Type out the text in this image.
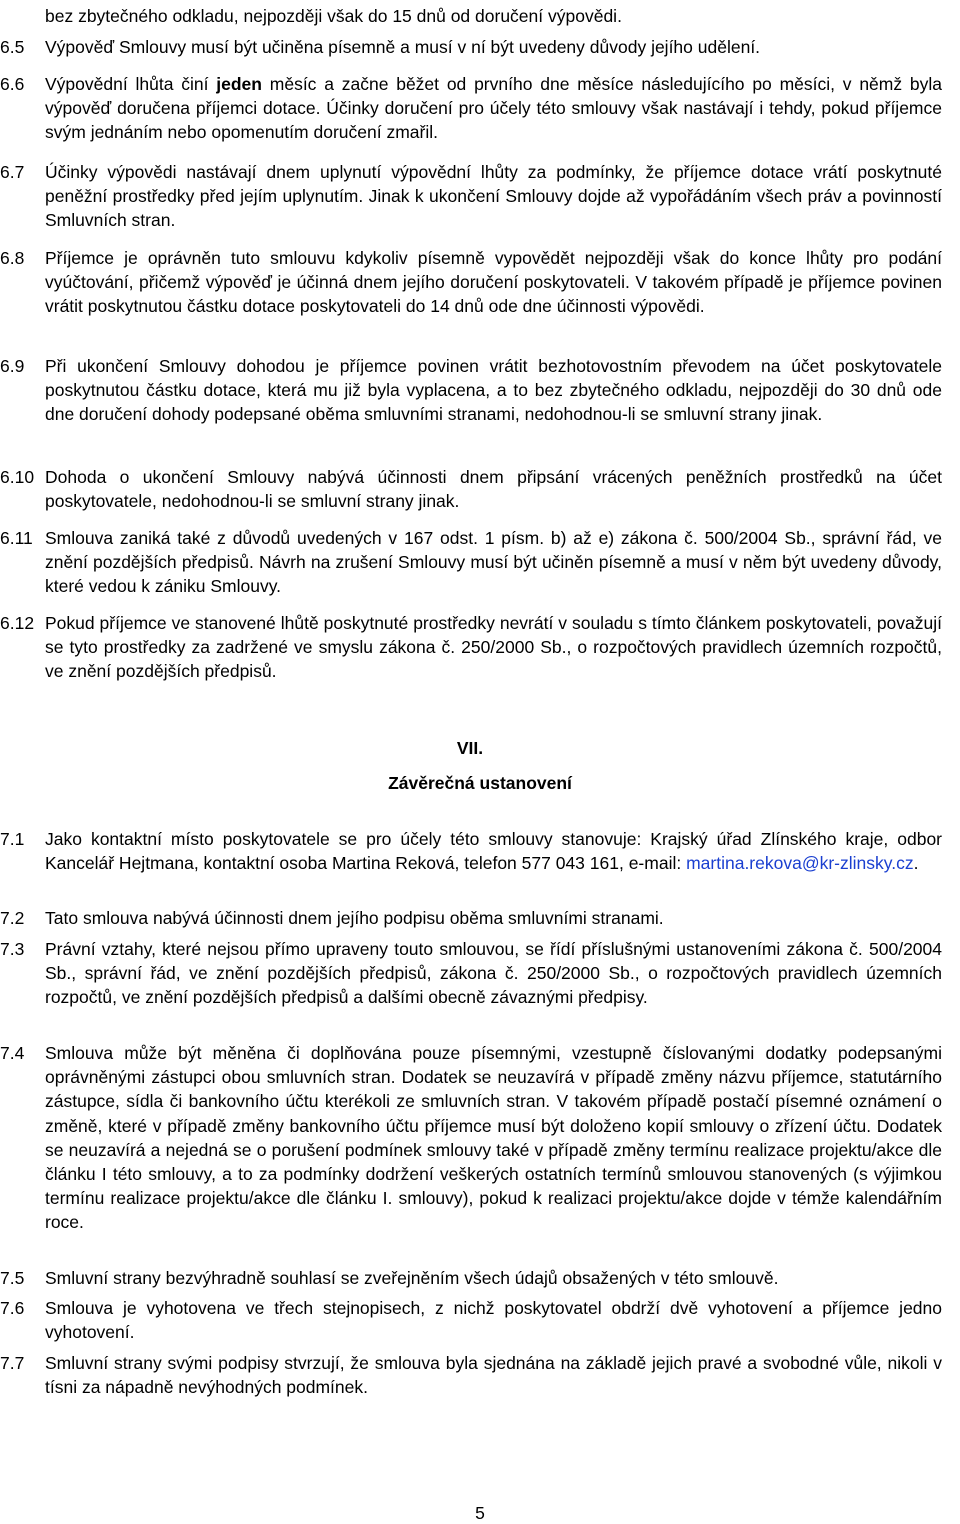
bez zbytečného odkladu, nejpozději však do 15 dnů od doručení výpovědi.
6.5 Výpověď Smlouvy musí být učiněna písemně a musí v ní být uvedeny důvody jejího udělení.
6.6 Výpovědní lhůta činí jeden měsíc a začne běžet od prvního dne měsíce následujícího po měsíci, v němž byla výpověď doručena příjemci dotace. Účinky doručení pro účely této smlouvy však nastávají i tehdy, pokud příjemce svým jednáním nebo opomenutím doručení zmařil.
6.7 Účinky výpovědi nastávají dnem uplynutí výpovědní lhůty za podmínky, že příjemce dotace vrátí poskytnuté peněžní prostředky před jejím uplynutím. Jinak k ukončení Smlouvy dojde až vypořádáním všech práv a povinností Smluvních stran.
6.8 Příjemce je oprávněn tuto smlouvu kdykoliv písemně vypovědět nejpozději však do konce lhůty pro podání vyúčtování, přičemž výpověď je účinná dnem jejího doručení poskytovateli. V takovém případě je příjemce povinen vrátit poskytnutou částku dotace poskytovateli do 14 dnů ode dne účinnosti výpovědi.
6.9 Při ukončení Smlouvy dohodou je příjemce povinen vrátit bezhotovostním převodem na účet poskytovatele poskytnutou částku dotace, která mu již byla vyplacena, a to bez zbytečného odkladu, nejpozději do 30 dnů ode dne doručení dohody podepsané oběma smluvními stranami, nedohodnou-li se smluvní strany jinak.
6.10 Dohoda o ukončení Smlouvy nabývá účinnosti dnem připsání vrácených peněžních prostředků na účet poskytovatele, nedohodnou-li se smluvní strany jinak.
6.11 Smlouva zaniká také z důvodů uvedených v 167 odst. 1 písm. b) až e) zákona č. 500/2004 Sb., správní řád, ve znění pozdějších předpisů. Návrh na zrušení Smlouvy musí být učiněn písemně a musí v něm být uvedeny důvody, které vedou k zániku Smlouvy.
6.12 Pokud příjemce ve stanovené lhůtě poskytnuté prostředky nevrátí v souladu s tímto článkem poskytovateli, považují se tyto prostředky za zadržené ve smyslu zákona č. 250/2000 Sb., o rozpočtových pravidlech územních rozpočtů, ve znění pozdějších předpisů.
VII.
Závěrečná ustanovení
7.1 Jako kontaktní místo poskytovatele se pro účely této smlouvy stanovuje: Krajský úřad Zlínského kraje, odbor Kancelář Hejtmana, kontaktní osoba Martina Reková, telefon 577 043 161, e-mail: martina.rekova@kr-zlinsky.cz.
7.2 Tato smlouva nabývá účinnosti dnem jejího podpisu oběma smluvními stranami.
7.3 Právní vztahy, které nejsou přímo upraveny touto smlouvou, se řídí příslušnými ustanoveními zákona č. 500/2004 Sb., správní řád, ve znění pozdějších předpisů, zákona č. 250/2000 Sb., o rozpočtových pravidlech územních rozpočtů, ve znění pozdějších předpisů a dalšími obecně závaznými předpisy.
7.4 Smlouva může být měněna či doplňována pouze písemnými, vzestupně číslovanými dodatky podepsanými oprávněnými zástupci obou smluvních stran. Dodatek se neuzavírá v případě změny názvu příjemce, statutárního zástupce, sídla či bankovního účtu kterékoli ze smluvních stran. V takovém případě postačí písemné oznámení o změně, které v případě změny bankovního účtu příjemce musí být doloženo kopií smlouvy o zřízení účtu. Dodatek se neuzavírá a nejedná se o porušení podmínek smlouvy také v případě změny termínu realizace projektu/akce dle článku I této smlouvy, a to za podmínky dodržení veškerých ostatních termínů smlouvou stanovených (s výjimkou termínu realizace projektu/akce dle článku I. smlouvy), pokud k realizaci projektu/akce dojde v témže kalendářním roce.
7.5 Smluvní strany bezvýhradně souhlasí se zveřejněním všech údajů obsažených v této smlouvě.
7.6 Smlouva je vyhotovena ve třech stejnopisech, z nichž poskytovatel obdrží dvě vyhotovení a příjemce jedno vyhotovení.
7.7 Smluvní strany svými podpisy stvrzují, že smlouva byla sjednána na základě jejich pravé a svobodné vůle, nikoli v tísni za nápadně nevýhodných podmínek.
5
